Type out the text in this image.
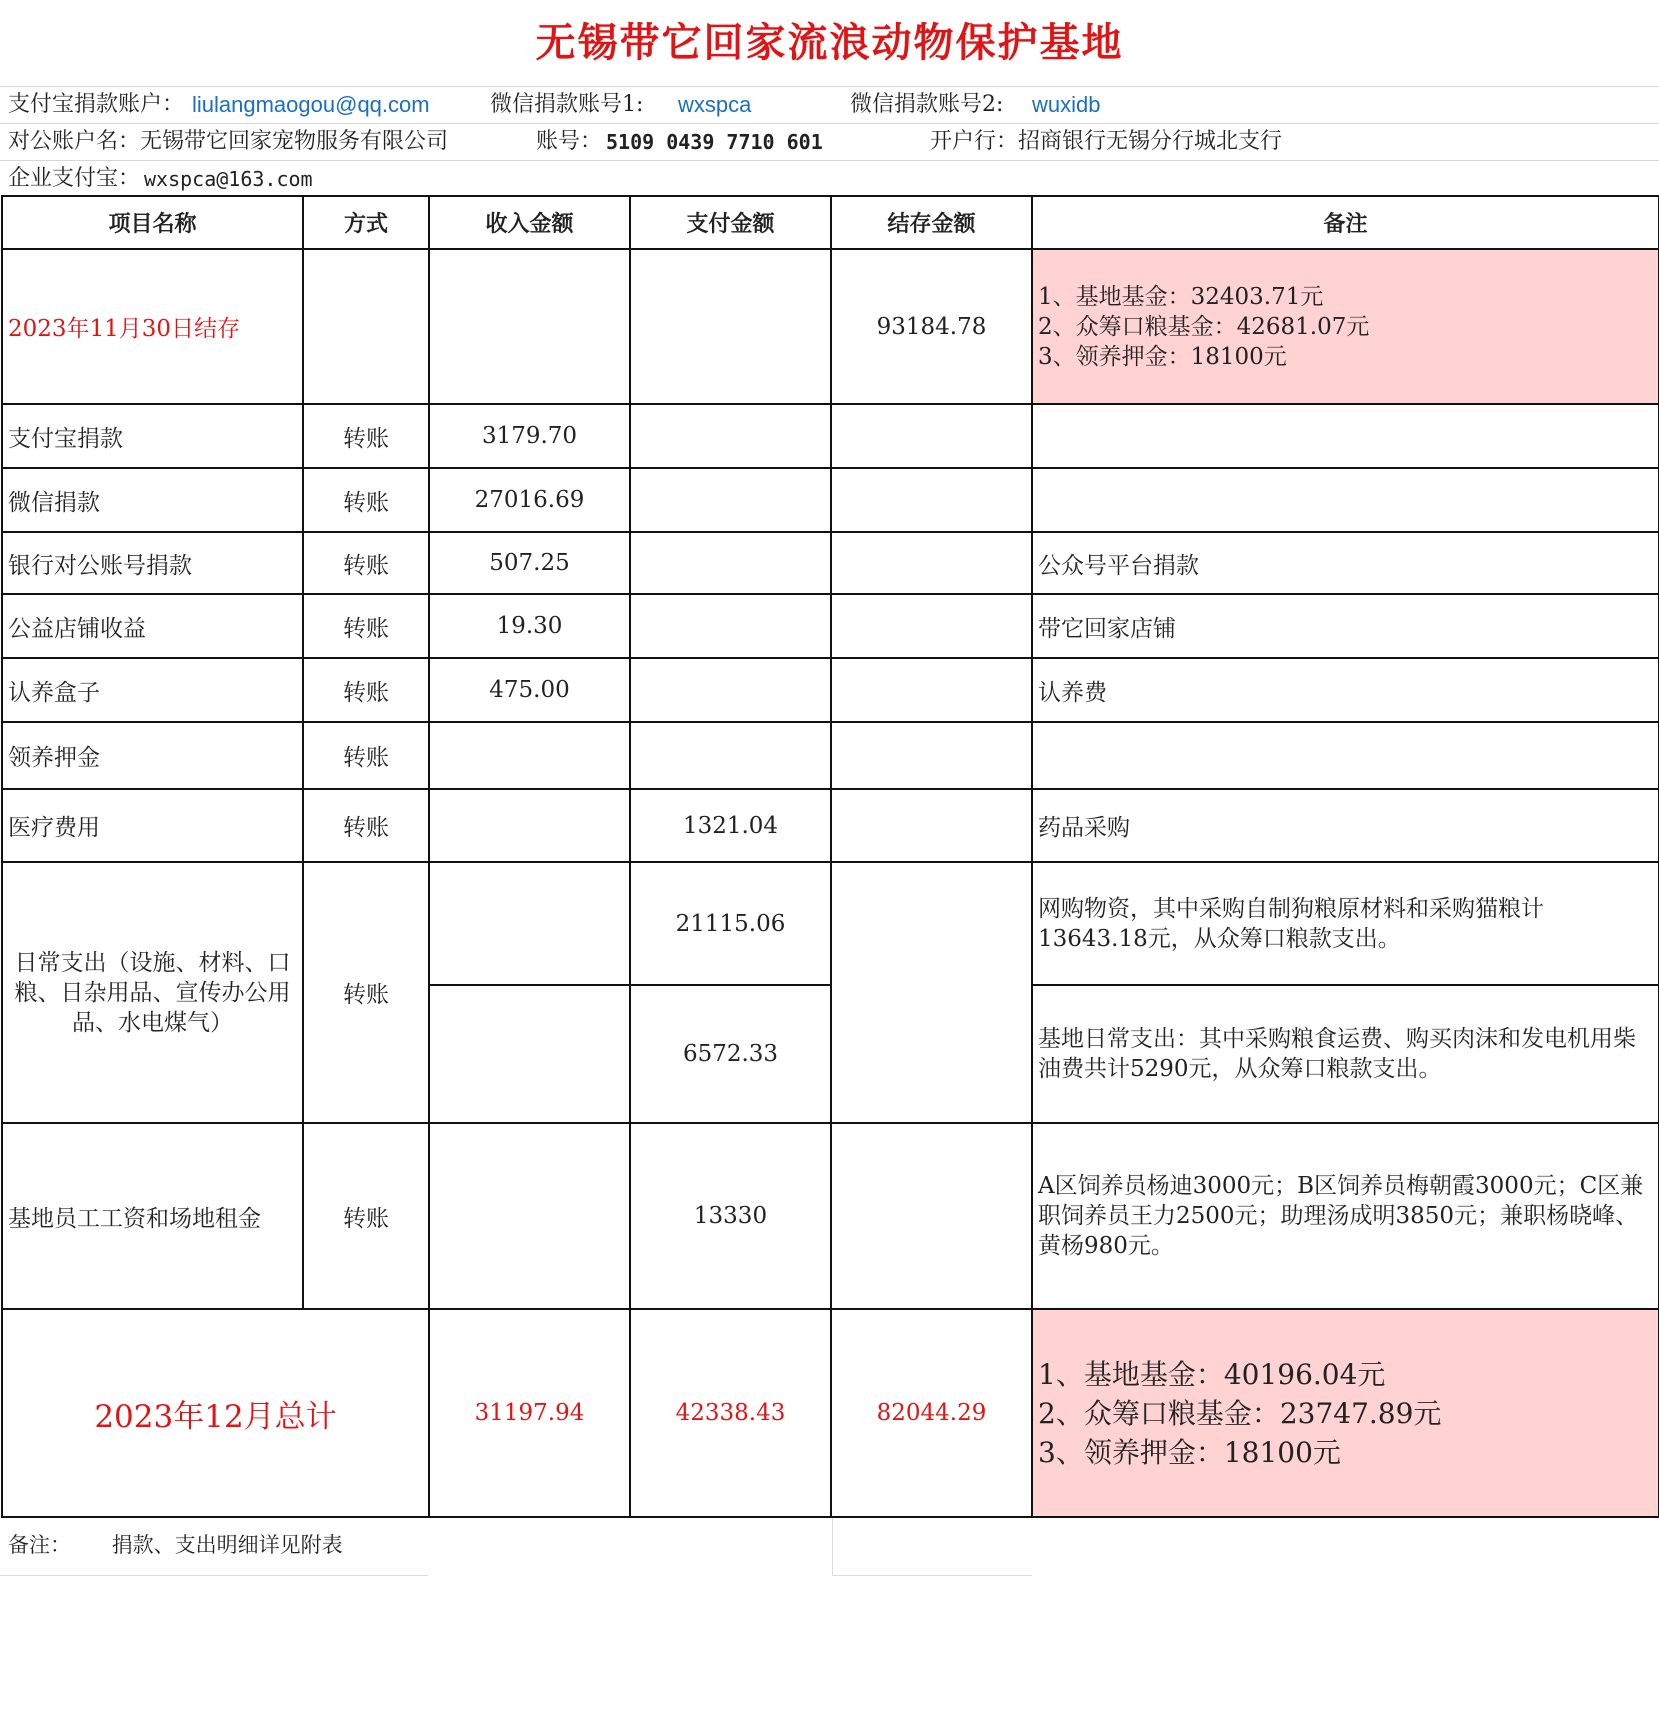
无锡带它回家流浪动物保护基地
支付宝捐款账户： liulangmaogou@qq.com	微信捐款账号1: wxspca	微信捐款账号2: wuxidb
对公账户名：无锡带它回家宠物服务有限公司	账号： 5109 0439 7710 601	开户行：招商银行无锡分行城北支行
企业支付宝： wxspca@163.com
项目名称	方式	收入金额	支付金额	结存金额	备注
2023年11月30日结存				93184.78	1、基地基金：32403.71元
2、众筹口粮基金：42681.07元
3、领养押金：18100元

支付宝捐款	转账	3179.70			
微信捐款	转账	27016.69			
银行对公账号捐款	转账	507.25			公众号平台捐款
公益店铺收益	转账	19.30			带它回家店铺
认养盒子	转账	475.00			认养费
领养押金	转账				
医疗费用	转账		1321.04		药品采购
日常支出（设施、材料、口粮、日杂用品、宣传办公用品、水电煤气）	转账		21115.06		网购物资，其中采购自制狗粮原材料和采购猫粮计13643.18元，从众筹口粮款支出。
			6572.33		基地日常支出：其中采购粮食运费、购买肉沫和发电机用柴油费共计5290元，从众筹口粮款支出。
基地员工工资和场地租金	转账		13330		A区饲养员杨迪3000元；B区饲养员梅朝霞3000元；C区兼职饲养员王力2500元；助理汤成明3850元；兼职杨晓峰、黄杨980元。
2023年12月总计		31197.94	42338.43	82044.29	1、基地基金：40196.04元
2、众筹口粮基金：23747.89元
3、领养押金：18100元
备注： 捐款、支出明细详见附表
